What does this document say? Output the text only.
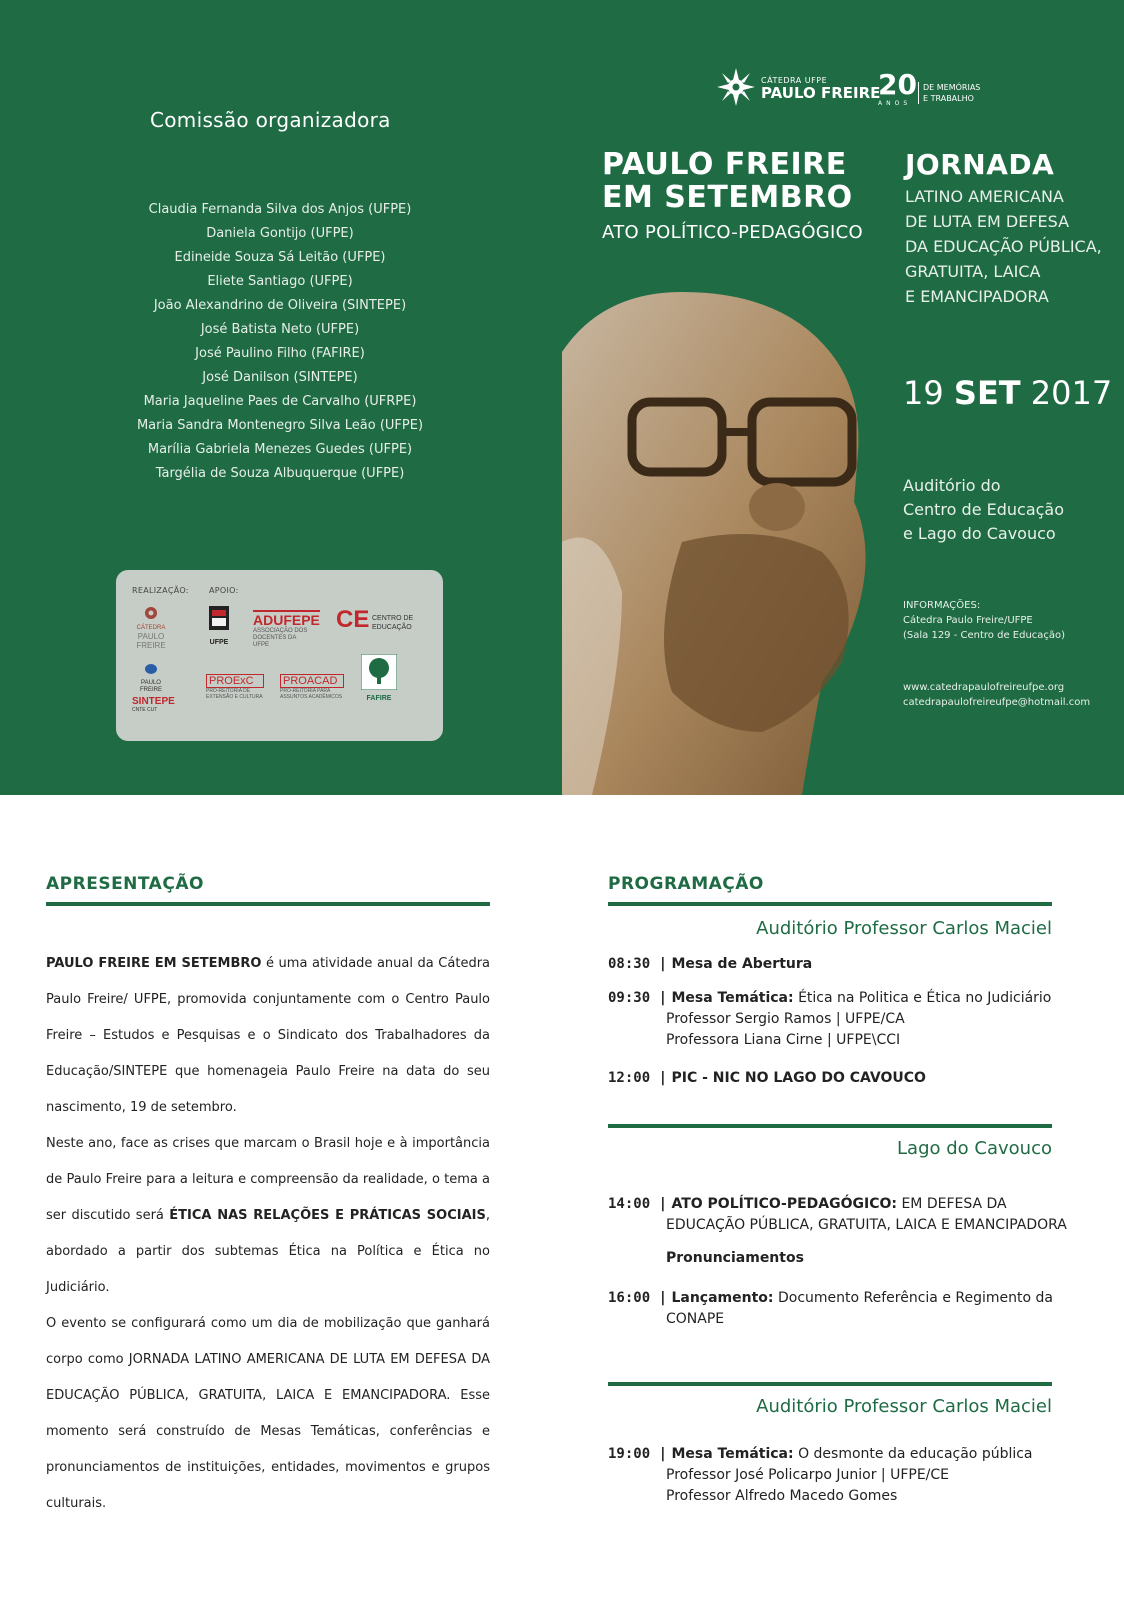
Comissão organizadora
Claudia Fernanda Silva dos Anjos (UFPE)
Daniela Gontijo (UFPE)
Edineide Souza Sá Leitão (UFPE)
Eliete Santiago (UFPE)
João Alexandrino de Oliveira (SINTEPE)
José Batista Neto (UFPE)
José Paulino Filho (FAFIRE)
José Danilson (SINTEPE)
Maria Jaqueline Paes de Carvalho (UFRPE)
Maria Sandra Montenegro Silva Leão (UFPE)
Marília Gabriela Menezes Guedes (UFPE)
Targélia de Souza Albuquerque (UFPE)
REALIZAÇÃO:	APOIO:
CÁTEDRA
PAULO FREIRE
PAULO FREIRE
SINTEPE
CNTE CUT
UFPE
ADUFEPE
ASSOCIAÇÃO DOS DOCENTES DA UFPE
CE CENTRO DE EDUCAÇÃO
PROExC
PRÓ-REITORIA DE EXTENSÃO E CULTURA
PROACAD
PRÓ-REITORIA PARA ASSUNTOS ACADÊMICOS	FAFIRE
CÁTEDRA UFPE
PAULO FREIRE
20
ANOS
DE MEMÓRIAS
E TRABALHO
PAULO FREIRE
EM SETEMBRO
ATO POLÍTICO-PEDAGÓGICO
JORNADA
LATINO AMERICANA
DE LUTA EM DEFESA
DA EDUCAÇÃO PÚBLICA,
GRATUITA, LAICA
E EMANCIPADORA
19 SET 2017
Auditório do
Centro de Educação
e Lago do Cavouco
INFORMAÇÕES:
Cátedra Paulo Freire/UFPE
(Sala 129 - Centro de Educação)
www.catedrapaulofreireufpe.org
catedrapaulofreireufpe@hotmail.com
APRESENTAÇÃO
PAULO FREIRE EM SETEMBRO é uma atividade anual da Cátedra Paulo Freire/ UFPE, promovida conjuntamente com o Centro Paulo Freire – Estudos e Pesquisas e o Sindicato dos Trabalhadores da Educação/SINTEPE que homenageia Paulo Freire na data do seu nascimento, 19 de setembro.
Neste ano, face as crises que marcam o Brasil hoje e à importância de Paulo Freire para a leitura e compreensão da realidade, o tema a ser discutido será ÉTICA NAS RELAÇÕES E PRÁTICAS SOCIAIS, abordado a partir dos subtemas Ética na Política e Ética no Judiciário.
O evento se configurará como um dia de mobilização que ganhará corpo como JORNADA LATINO AMERICANA DE LUTA EM DEFESA DA EDUCAÇÃO PÚBLICA, GRATUITA, LAICA E EMANCIPADORA. Esse momento será construído de Mesas Temáticas, conferências e pronunciamentos de instituições, entidades, movimentos e grupos culturais.
PROGRAMAÇÃO
Auditório Professor Carlos Maciel
08:30 | Mesa de Abertura
09:30 | Mesa Temática: Ética na Politica e Ética no Judiciário
Professor Sergio Ramos | UFPE/CA
Professora Liana Cirne | UFPE\CCI
12:00 | PIC - NIC NO LAGO DO CAVOUCO
Lago do Cavouco
14:00 | ATO POLÍTICO-PEDAGÓGICO: EM DEFESA DA
EDUCAÇÃO PÚBLICA, GRATUITA, LAICA E EMANCIPADORA
Pronunciamentos
16:00 | Lançamento: Documento Referência e Regimento da
CONAPE
Auditório Professor Carlos Maciel
19:00 | Mesa Temática: O desmonte da educação pública
Professor José Policarpo Junior | UFPE/CE
Professor Alfredo Macedo Gomes
